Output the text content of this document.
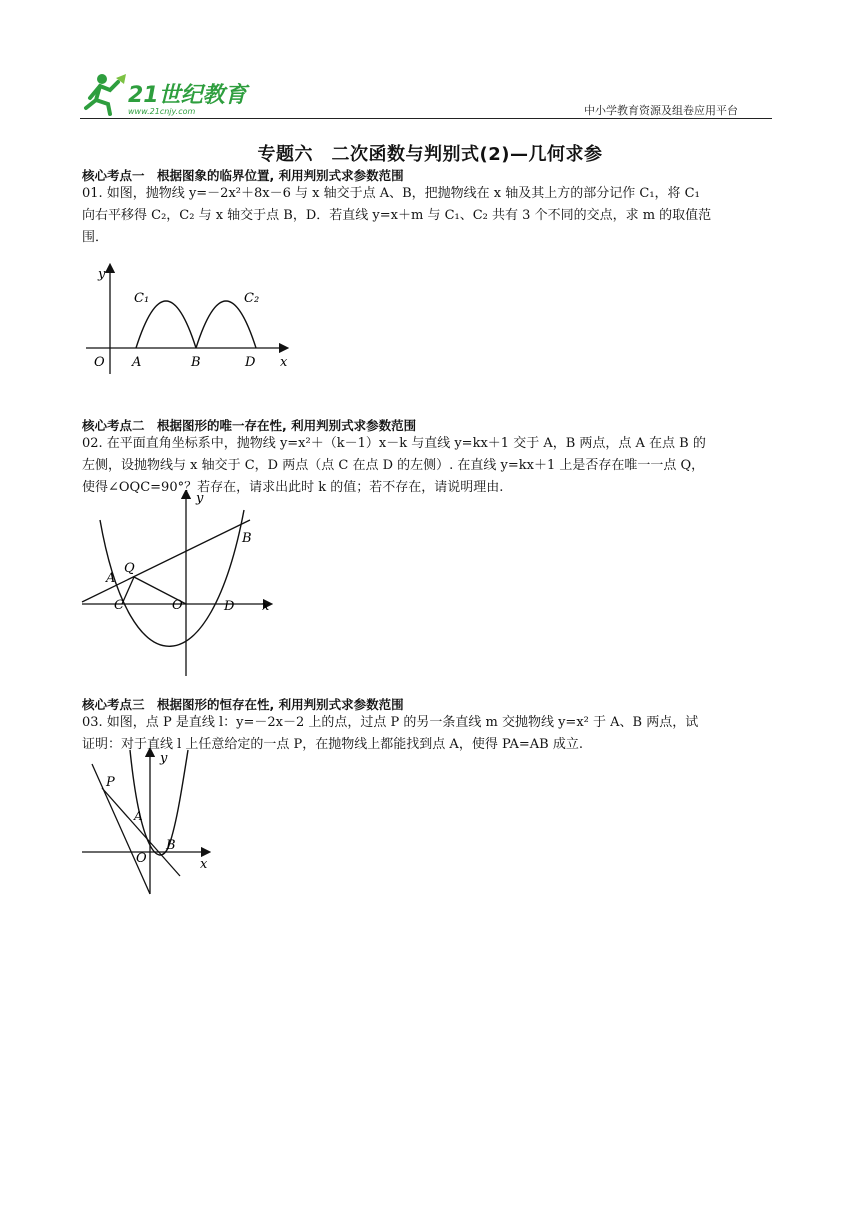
21世纪教育
www.21cnjy.com	中小学教育资源及组卷应用平台
专题六　二次函数与判别式(2)—几何求参
核心考点一　根据图象的临界位置, 利用判别式求参数范围
01. 如图，抛物线 y=－2x²＋8x－6 与 x 轴交于点 A、B，把抛物线在 x 轴及其上方的部分记作 C₁，将 C₁
向右平移得 C₂，C₂ 与 x 轴交于点 B，D．若直线 y=x＋m 与 C₁、C₂ 共有 3 个不同的交点，求 m 的取值范
围．
y
x
O A	B	D
C₁	C₂
核心考点二　根据图形的唯一存在性, 利用判别式求参数范围
02. 在平面直角坐标系中，抛物线 y=x²＋（k－1）x－k 与直线 y=kx＋1 交于 A，B 两点，点 A 在点 B 的
左侧，设抛物线与 x 轴交于 C，D 两点（点 C 在点 D 的左侧）. 在直线 y=kx＋1 上是否存在唯一一点 Q，
使得∠OQC=90°？若存在，请求出此时 k 的值；若不存在，请说明理由.
y
x
O
A
B
C	D
Q
核心考点三　根据图形的恒存在性, 利用判别式求参数范围
03. 如图，点 P 是直线 l：y=－2x－2 上的点，过点 P 的另一条直线 m 交抛物线 y=x² 于 A、B 两点，试
证明：对于直线 l 上任意给定的一点 P，在抛物线上都能找到点 A，使得 PA=AB 成立.
y
x
O
A
B
P
